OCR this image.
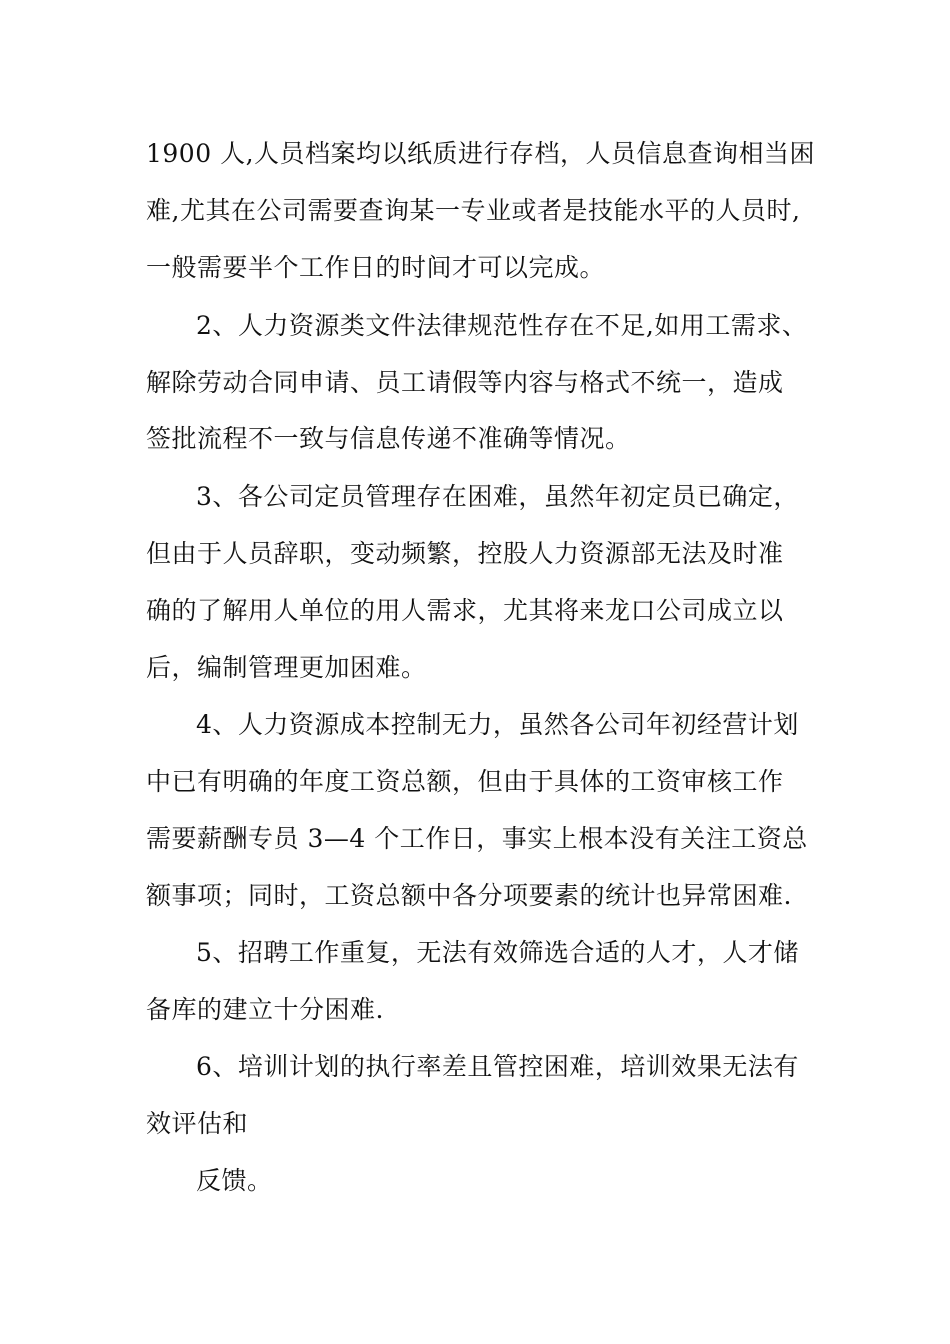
1900 人,人员档案均以纸质进行存档，人员信息查询相当困
难,尤其在公司需要查询某一专业或者是技能水平的人员时,
一般需要半个工作日的时间才可以完成。
2、人力资源类文件法律规范性存在不足,如用工需求、
解除劳动合同申请、员工请假等内容与格式不统一，造成
签批流程不一致与信息传递不准确等情况。
3、各公司定员管理存在困难，虽然年初定员已确定，
但由于人员辞职，变动频繁，控股人力资源部无法及时准
确的了解用人单位的用人需求，尤其将来龙口公司成立以
后，编制管理更加困难。
4、人力资源成本控制无力，虽然各公司年初经营计划
中已有明确的年度工资总额，但由于具体的工资审核工作
需要薪酬专员 3—4 个工作日，事实上根本没有关注工资总
额事项；同时，工资总额中各分项要素的统计也异常困难.
5、招聘工作重复，无法有效筛选合适的人才，人才储
备库的建立十分困难.
6、培训计划的执行率差且管控困难，培训效果无法有
效评估和
反馈。
